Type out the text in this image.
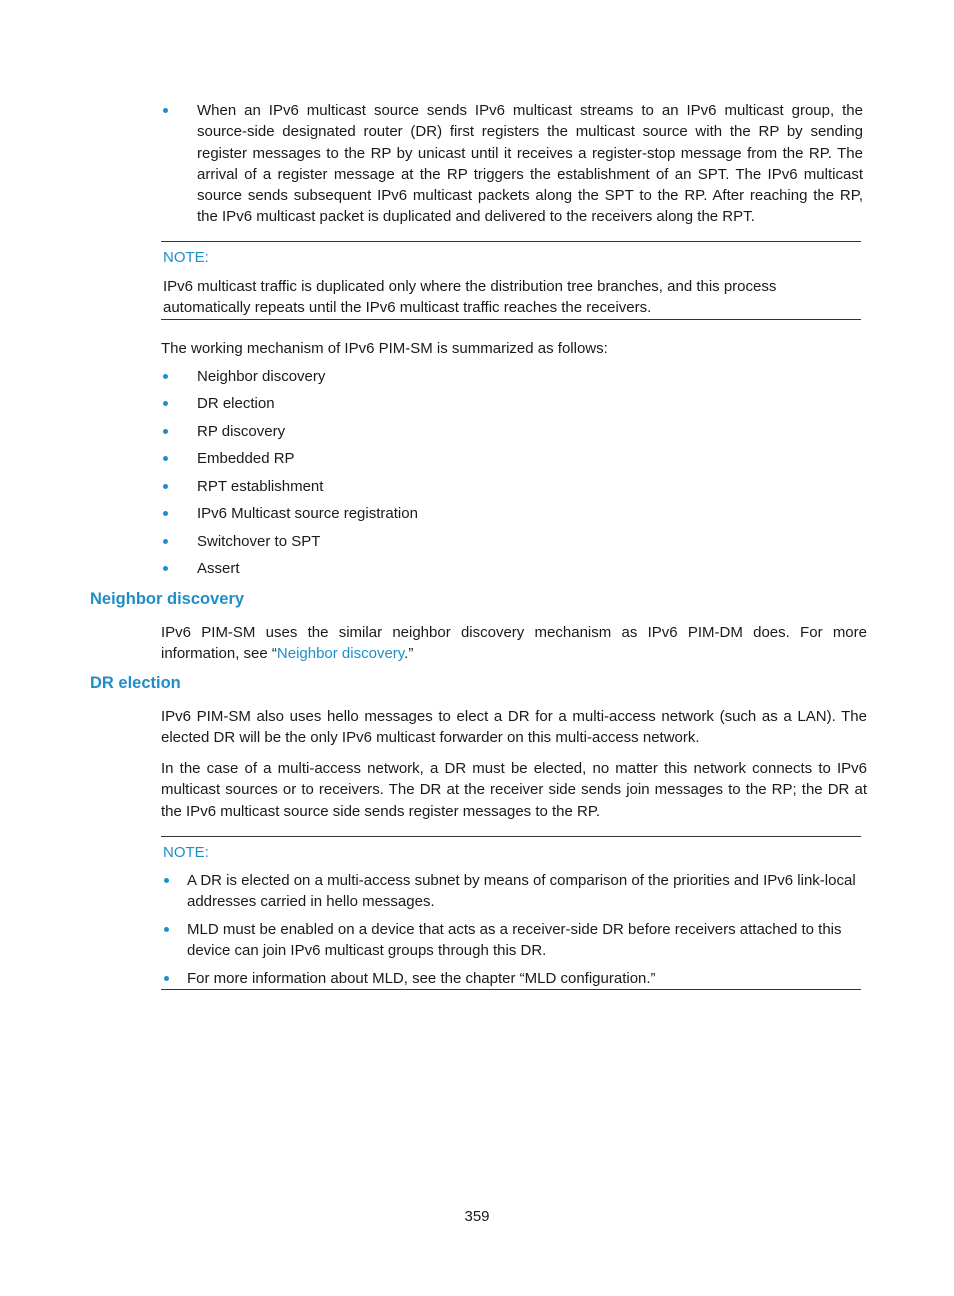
When an IPv6 multicast source sends IPv6 multicast streams to an IPv6 multicast group, the source-side designated router (DR) first registers the multicast source with the RP by sending register messages to the RP by unicast until it receives a register-stop message from the RP. The arrival of a register message at the RP triggers the establishment of an SPT. The IPv6 multicast source sends subsequent IPv6 multicast packets along the SPT to the RP. After reaching the RP, the IPv6 multicast packet is duplicated and delivered to the receivers along the RPT.
NOTE:

IPv6 multicast traffic is duplicated only where the distribution tree branches, and this process automatically repeats until the IPv6 multicast traffic reaches the receivers.

The working mechanism of IPv6 PIM-SM is summarized as follows:

Neighbor discovery
DR election
RP discovery
Embedded RP
RPT establishment
IPv6 Multicast source registration
Switchover to SPT
Assert
Neighbor discovery

IPv6 PIM-SM uses the similar neighbor discovery mechanism as IPv6 PIM-DM does. For more information, see “Neighbor discovery.”

DR election

IPv6 PIM-SM also uses hello messages to elect a DR for a multi-access network (such as a LAN). The elected DR will be the only IPv6 multicast forwarder on this multi-access network.

In the case of a multi-access network, a DR must be elected, no matter this network connects to IPv6 multicast sources or to receivers. The DR at the receiver side sends join messages to the RP; the DR at the IPv6 multicast source side sends register messages to the RP.

NOTE:
A DR is elected on a multi-access subnet by means of comparison of the priorities and IPv6 link-local addresses carried in hello messages.
MLD must be enabled on a device that acts as a receiver-side DR before receivers attached to this device can join IPv6 multicast groups through this DR.
For more information about MLD, see the chapter “MLD configuration.”
359
